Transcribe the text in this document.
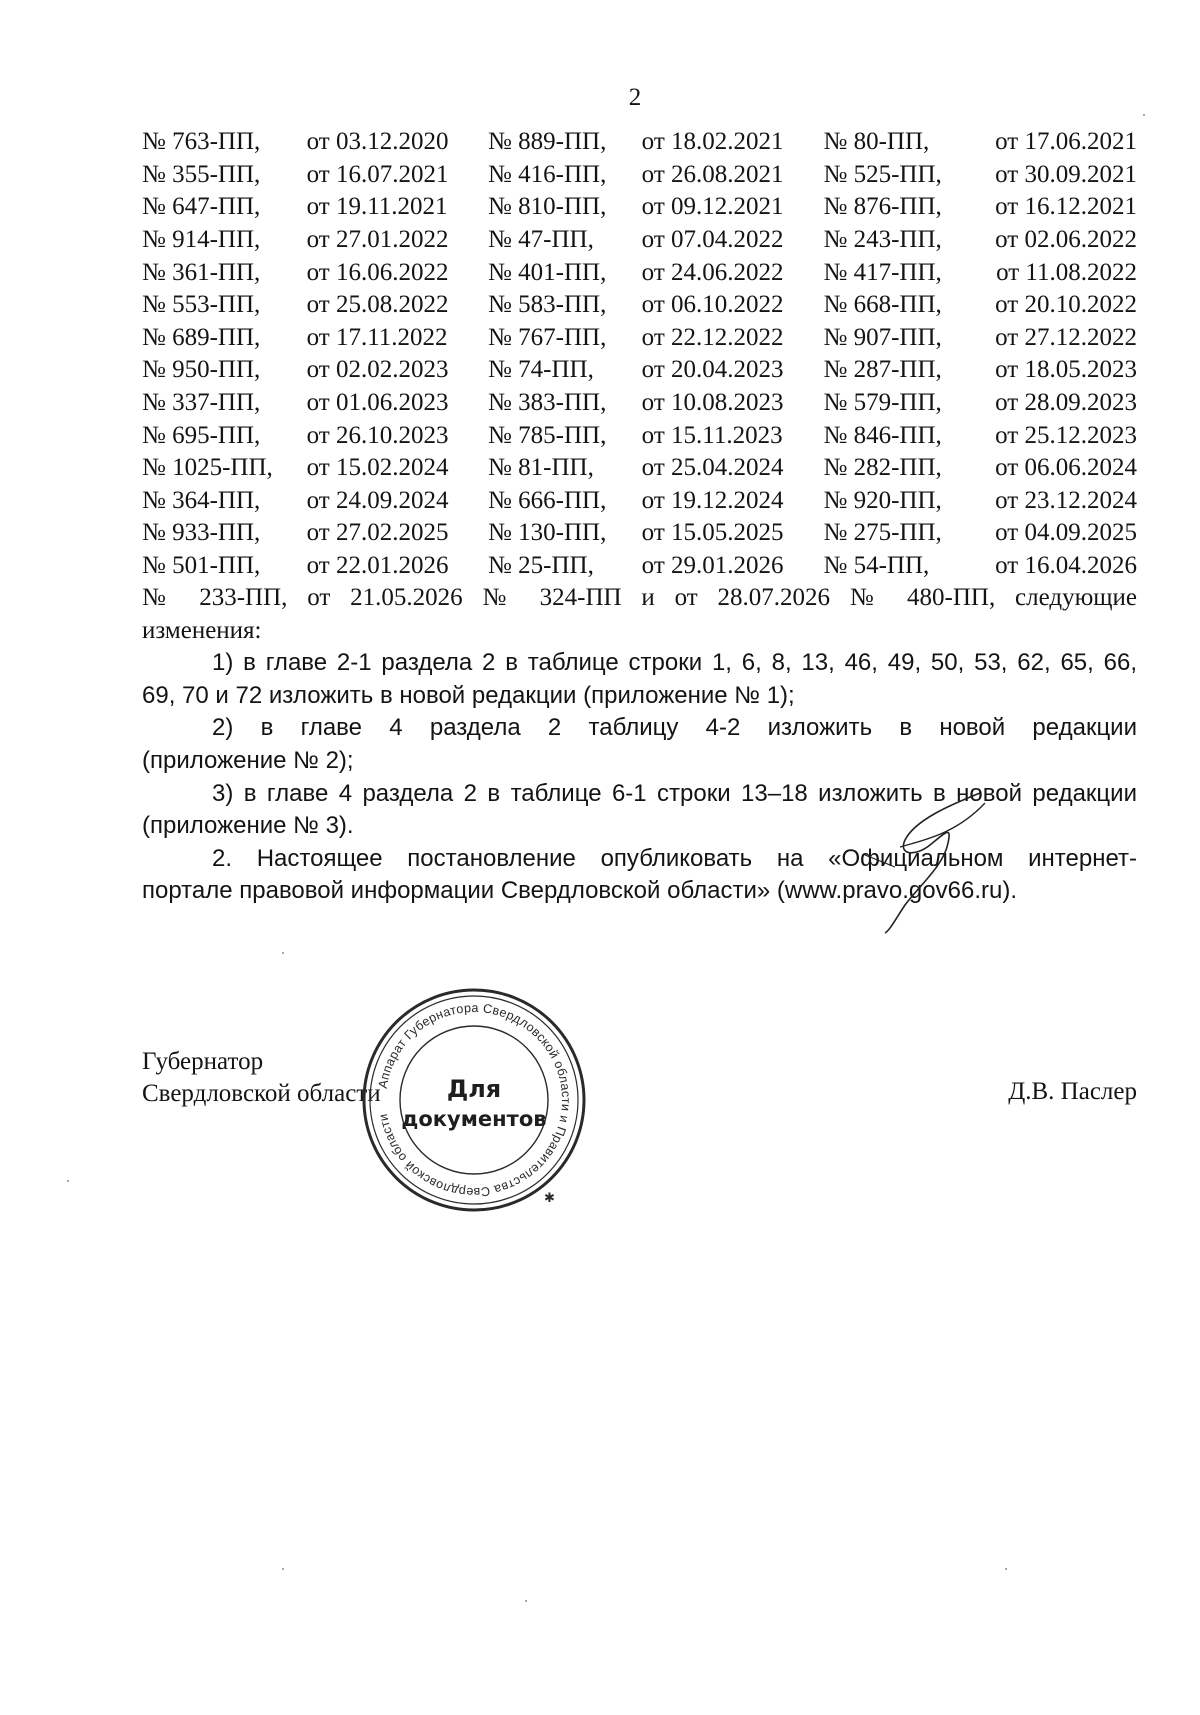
2
№ 763-ПП,	от 03.12.2020	№ 889-ПП,	от 18.02.2021	№ 80-ПП,	от 17.06.2021
№ 355-ПП,	от 16.07.2021	№ 416-ПП,	от 26.08.2021	№ 525-ПП,	от 30.09.2021
№ 647-ПП,	от 19.11.2021	№ 810-ПП,	от 09.12.2021	№ 876-ПП,	от 16.12.2021
№ 914-ПП,	от 27.01.2022	№ 47-ПП,	от 07.04.2022	№ 243-ПП,	от 02.06.2022
№ 361-ПП,	от 16.06.2022	№ 401-ПП,	от 24.06.2022	№ 417-ПП,	от 11.08.2022
№ 553-ПП,	от 25.08.2022	№ 583-ПП,	от 06.10.2022	№ 668-ПП,	от 20.10.2022
№ 689-ПП,	от 17.11.2022	№ 767-ПП,	от 22.12.2022	№ 907-ПП,	от 27.12.2022
№ 950-ПП,	от 02.02.2023	№ 74-ПП,	от 20.04.2023	№ 287-ПП,	от 18.05.2023
№ 337-ПП,	от 01.06.2023	№ 383-ПП,	от 10.08.2023	№ 579-ПП,	от 28.09.2023
№ 695-ПП,	от 26.10.2023	№ 785-ПП,	от 15.11.2023	№ 846-ПП,	от 25.12.2023
№ 1025-ПП,	от 15.02.2024	№ 81-ПП,	от 25.04.2024	№ 282-ПП,	от 06.06.2024
№ 364-ПП,	от 24.09.2024	№ 666-ПП,	от 19.12.2024	№ 920-ПП,	от 23.12.2024
№ 933-ПП,	от 27.02.2025	№ 130-ПП,	от 15.05.2025	№ 275-ПП,	от 04.09.2025
№ 501-ПП,	от 22.01.2026	№ 25-ПП,	от 29.01.2026	№ 54-ПП,	от 16.04.2026
№ 233-ПП, от 21.05.2026 № 324-ПП и от 28.07.2026 № 480-ПП, следующие
изменения:
1) в главе 2-1 раздела 2 в таблице строки 1, 6, 8, 13, 46, 49, 50, 53, 62, 65, 66,
69, 70 и 72 изложить в новой редакции (приложение № 1);
2) в главе 4 раздела 2 таблицу 4-2 изложить в новой редакции
(приложение № 2);
3) в главе 4 раздела 2 в таблице 6-1 строки 13–18 изложить в новой редакции
(приложение № 3).
2. Настоящее постановление опубликовать на «Официальном интернет-
портале правовой информации Свердловской области» (www.pravo.gov66.ru).
Губернатор
Свердловской области	Д.В. Паслер
Аппарат Губернатора Свердловской области и Правительства Свердловской области
✱
Для
документов
